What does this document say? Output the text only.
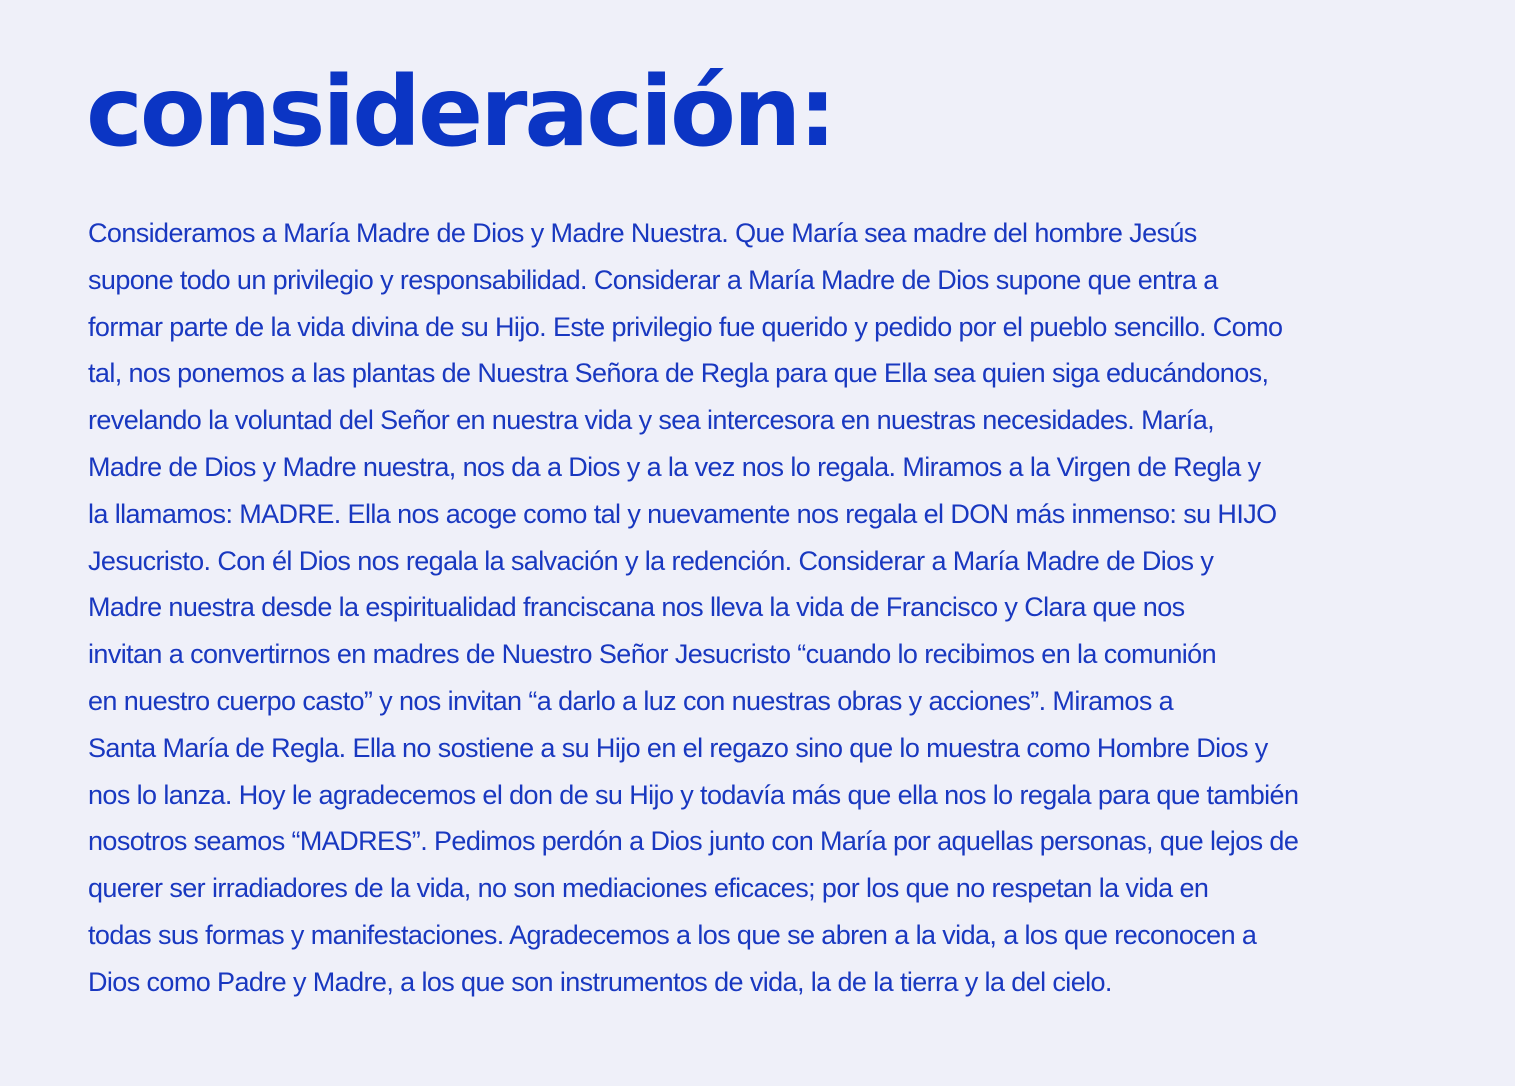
consideración:
Consideramos a María Madre de Dios y Madre Nuestra. Que María sea madre del hombre Jesús
supone todo un privilegio y responsabilidad. Considerar a María Madre de Dios supone que entra a
formar parte de la vida divina de su Hijo. Este privilegio fue querido y pedido por el pueblo sencillo. Como
tal, nos ponemos a las plantas de Nuestra Señora de Regla para que Ella sea quien siga educándonos,
revelando la voluntad del Señor en nuestra vida y sea intercesora en nuestras necesidades. María,
Madre de Dios y Madre nuestra, nos da a Dios y a la vez nos lo regala. Miramos a la Virgen de Regla y
la llamamos: MADRE. Ella nos acoge como tal y nuevamente nos regala el DON más inmenso: su HIJO
Jesucristo. Con él Dios nos regala la salvación y la redención. Considerar a María Madre de Dios y
Madre nuestra desde la espiritualidad franciscana nos lleva la vida de Francisco y Clara que nos
invitan a convertirnos en madres de Nuestro Señor Jesucristo “cuando lo recibimos en la comunión
en nuestro cuerpo casto” y nos invitan “a darlo a luz con nuestras obras y acciones”. Miramos a
Santa María de Regla. Ella no sostiene a su Hijo en el regazo sino que lo muestra como Hombre Dios y
nos lo lanza. Hoy le agradecemos el don de su Hijo y todavía más que ella nos lo regala para que también
nosotros seamos “MADRES”. Pedimos perdón a Dios junto con María por aquellas personas, que lejos de
querer ser irradiadores de la vida, no son mediaciones eficaces; por los que no respetan la vida en
todas sus formas y manifestaciones. Agradecemos a los que se abren a la vida, a los que reconocen a
Dios como Padre y Madre, a los que son instrumentos de vida, la de la tierra y la del cielo.
